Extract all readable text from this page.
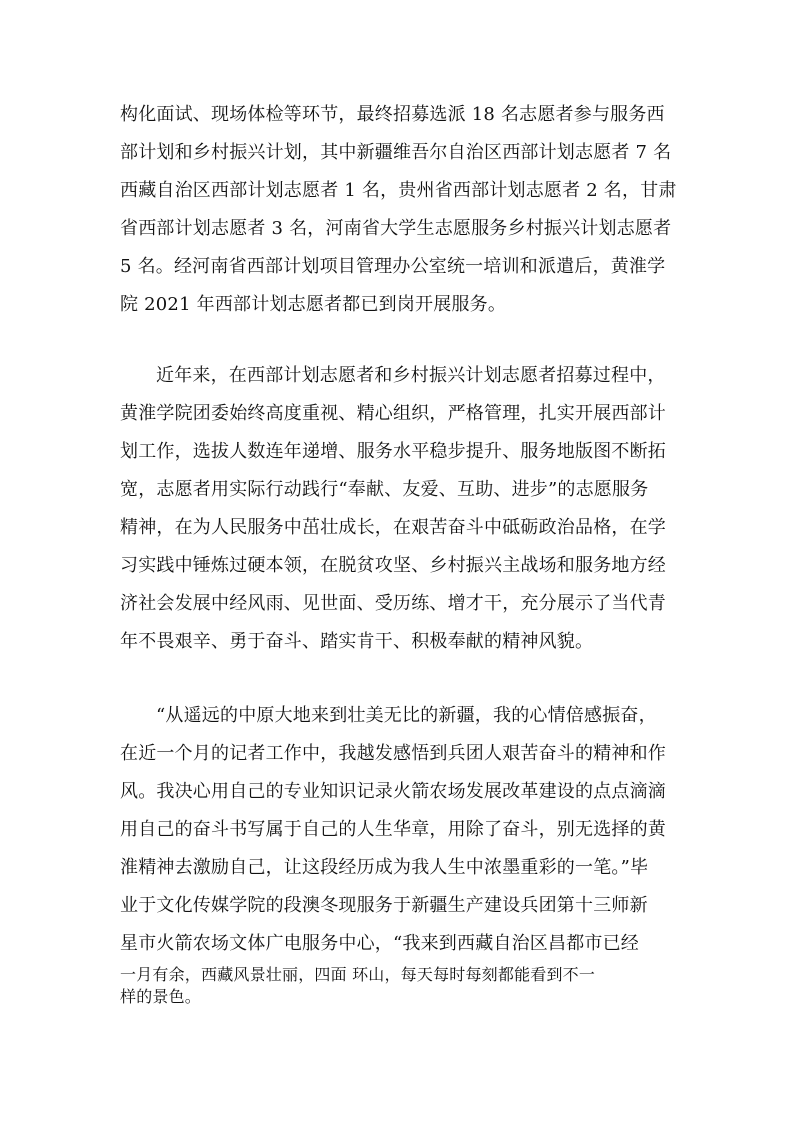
构化面试、现场体检等环节，最终招募选派 18 名志愿者参与服务西
部计划和乡村振兴计划，其中新疆维吾尔自治区西部计划志愿者 7 名
西藏自治区西部计划志愿者 1 名，贵州省西部计划志愿者 2 名，甘肃
省西部计划志愿者 3 名，河南省大学生志愿服务乡村振兴计划志愿者
5 名。经河南省西部计划项目管理办公室统一培训和派遣后，黄淮学
院 2021 年西部计划志愿者都已到岗开展服务。
近年来，在西部计划志愿者和乡村振兴计划志愿者招募过程中，
黄淮学院团委始终高度重视、精心组织，严格管理，扎实开展西部计
划工作，选拔人数连年递增、服务水平稳步提升、服务地版图不断拓
宽，志愿者用实际行动践行“奉献、友爱、互助、进步”的志愿服务
精神，在为人民服务中茁壮成长，在艰苦奋斗中砥砺政治品格，在学
习实践中锤炼过硬本领，在脱贫攻坚、乡村振兴主战场和服务地方经
济社会发展中经风雨、见世面、受历练、增才干，充分展示了当代青
年不畏艰辛、勇于奋斗、踏实肯干、积极奉献的精神风貌。
“从遥远的中原大地来到壮美无比的新疆，我的心情倍感振奋，
在近一个月的记者工作中，我越发感悟到兵团人艰苦奋斗的精神和作
风。我决心用自己的专业知识记录火箭农场发展改革建设的点点滴滴
用自己的奋斗书写属于自己的人生华章，用除了奋斗，别无选择的黄
淮精神去激励自己，让这段经历成为我人生中浓墨重彩的一笔。”毕
业于文化传媒学院的段澳冬现服务于新疆生产建设兵团第十三师新
星市火箭农场文体广电服务中心，“我来到西藏自治区昌都市已经
一月有余，西藏风景壮丽，四面 环山，每天每时每刻都能看到不一
样的景色。
